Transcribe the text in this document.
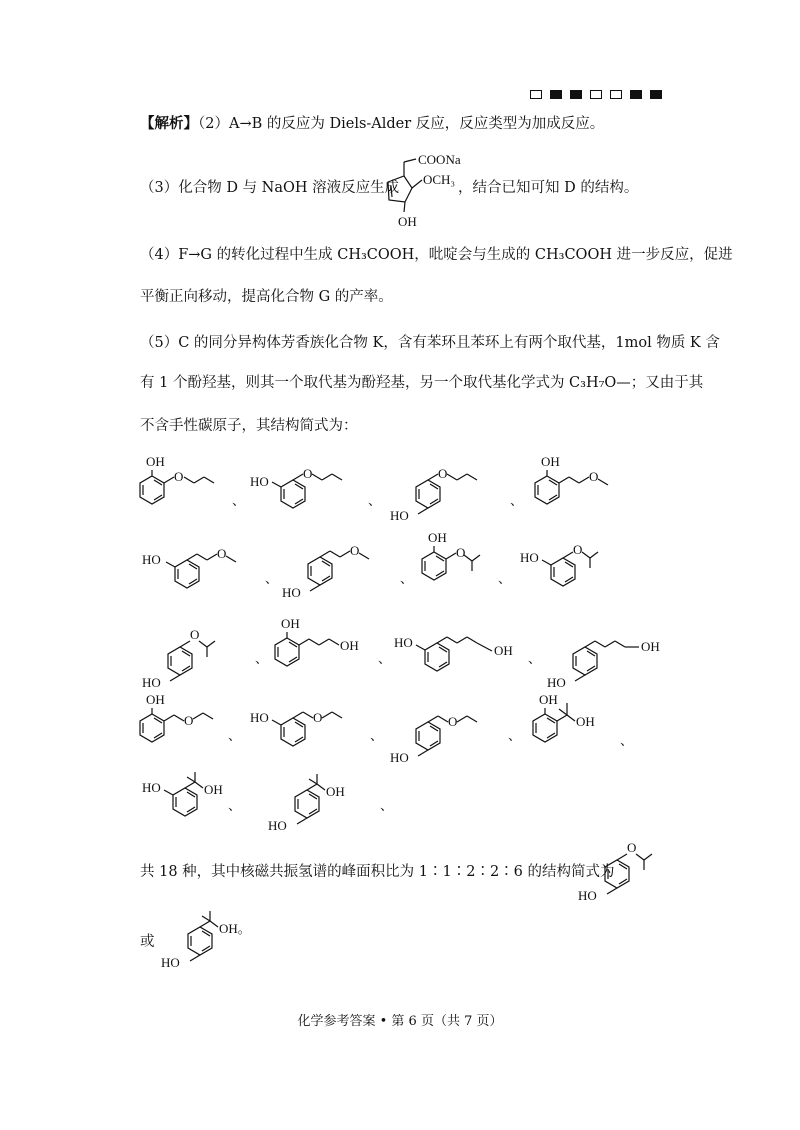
【解析】（2）A→B 的反应为 Diels-Alder 反应，反应类型为加成反应。
（3）化合物 D 与 NaOH 溶液反应生成	，结合已知可知 D 的结构。
COONa
OCH₃
OH
（4）F→G 的转化过程中生成 CH₃COOH，吡啶会与生成的 CH₃COOH 进一步反应，促进
平衡正向移动，提高化合物 G 的产率。
（5）C 的同分异构体芳香族化合物 K，含有苯环且苯环上有两个取代基，1mol 物质 K 含
有 1 个酚羟基，则其一个取代基为酚羟基，另一个取代基化学式为 C₃H₇O—；又由于其
不含手性碳原子，其结构简式为：
OH
O
、
HO
O
、
HO
O
、
OH
O
HO	O
、
HO
O
、
OH
O
、
HO
O
HO
O
、
OH
OH
、
HO
OH
、
HO
OH
OH
O
、
HO	O
、
HO
O
、
OH
OH
、
HO	OH
、
HO
OH
、
共 18 种，其中核磁共振氢谱的峰面积比为 1∶1∶2∶2∶6 的结构简式为
HO
O
或
HO
OH。
化学参考答案 • 第 6 页（共 7 页）
